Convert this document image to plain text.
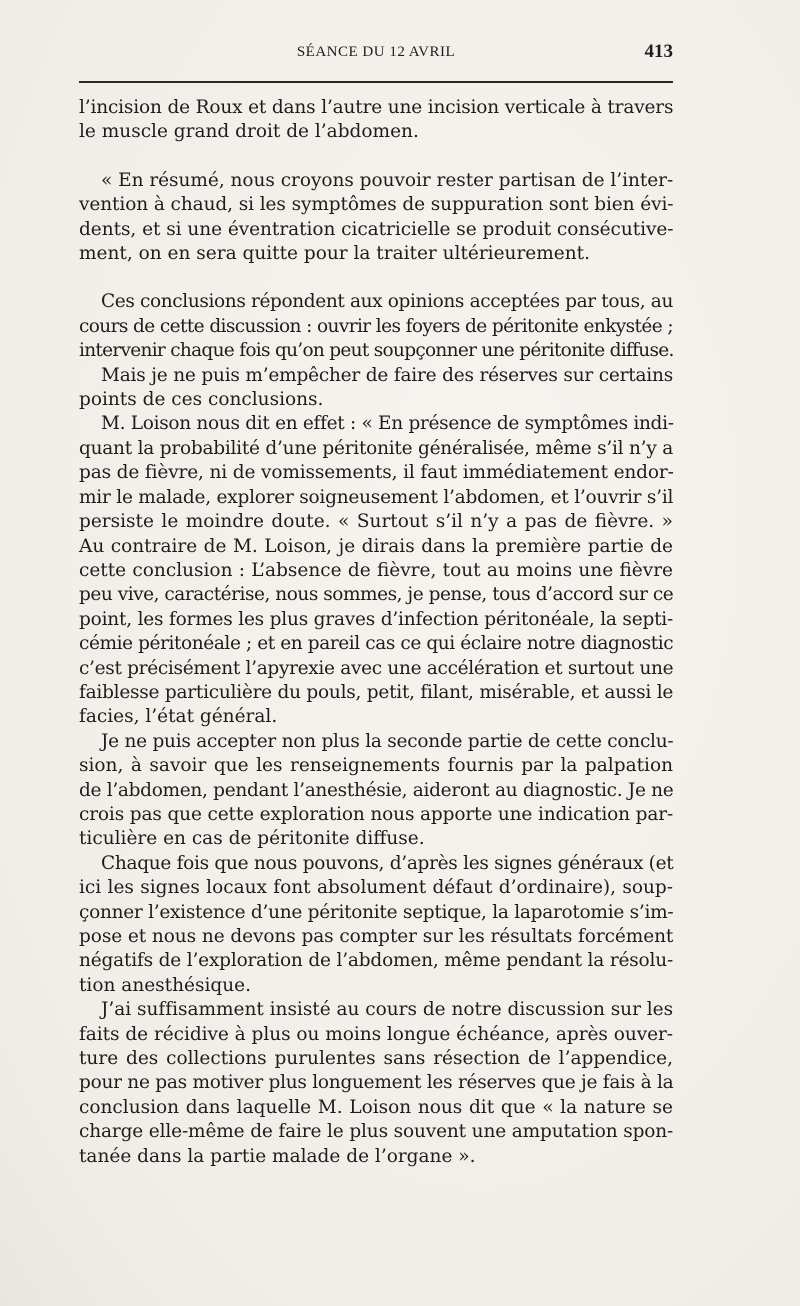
SÉANCE DU 12 AVRIL	413
l’incision de Roux et dans l’autre une incision verticale à travers
le muscle grand droit de l’abdomen.
« En résumé, nous croyons pouvoir rester partisan de l’inter-
vention à chaud, si les symptômes de suppuration sont bien évi-
dents, et si une éventration cicatricielle se produit consécutive-
ment, on en sera quitte pour la traiter ultérieurement.
Ces conclusions répondent aux opinions acceptées par tous, au
cours de cette discussion : ouvrir les foyers de péritonite enkystée ;
intervenir chaque fois qu’on peut soupçonner une péritonite diffuse.
Mais je ne puis m’empêcher de faire des réserves sur certains
points de ces conclusions.
M. Loison nous dit en effet : « En présence de symptômes indi-
quant la probabilité d’une péritonite généralisée, même s’il n’y a
pas de fièvre, ni de vomissements, il faut immédiatement endor-
mir le malade, explorer soigneusement l’abdomen, et l’ouvrir s’il
persiste le moindre doute. « Surtout s’il n’y a pas de fièvre. »
Au contraire de M. Loison, je dirais dans la première partie de
cette conclusion : L’absence de fièvre, tout au moins une fièvre
peu vive, caractérise, nous sommes, je pense, tous d’accord sur ce
point, les formes les plus graves d’infection péritonéale, la septi-
cémie péritonéale ; et en pareil cas ce qui éclaire notre diagnostic
c’est précisément l’apyrexie avec une accélération et surtout une
faiblesse particulière du pouls, petit, filant, misérable, et aussi le
facies, l’état général.
Je ne puis accepter non plus la seconde partie de cette conclu-
sion, à savoir que les renseignements fournis par la palpation
de l’abdomen, pendant l’anesthésie, aideront au diagnostic. Je ne
crois pas que cette exploration nous apporte une indication par-
ticulière en cas de péritonite diffuse.
Chaque fois que nous pouvons, d’après les signes généraux (et
ici les signes locaux font absolument défaut d’ordinaire), soup-
çonner l’existence d’une péritonite septique, la laparotomie s’im-
pose et nous ne devons pas compter sur les résultats forcément
négatifs de l’exploration de l’abdomen, même pendant la résolu-
tion anesthésique.
J’ai suffisamment insisté au cours de notre discussion sur les
faits de récidive à plus ou moins longue échéance, après ouver-
ture des collections purulentes sans résection de l’appendice,
pour ne pas motiver plus longuement les réserves que je fais à la
conclusion dans laquelle M. Loison nous dit que « la nature se
charge elle-même de faire le plus souvent une amputation spon-
tanée dans la partie malade de l’organe ».
